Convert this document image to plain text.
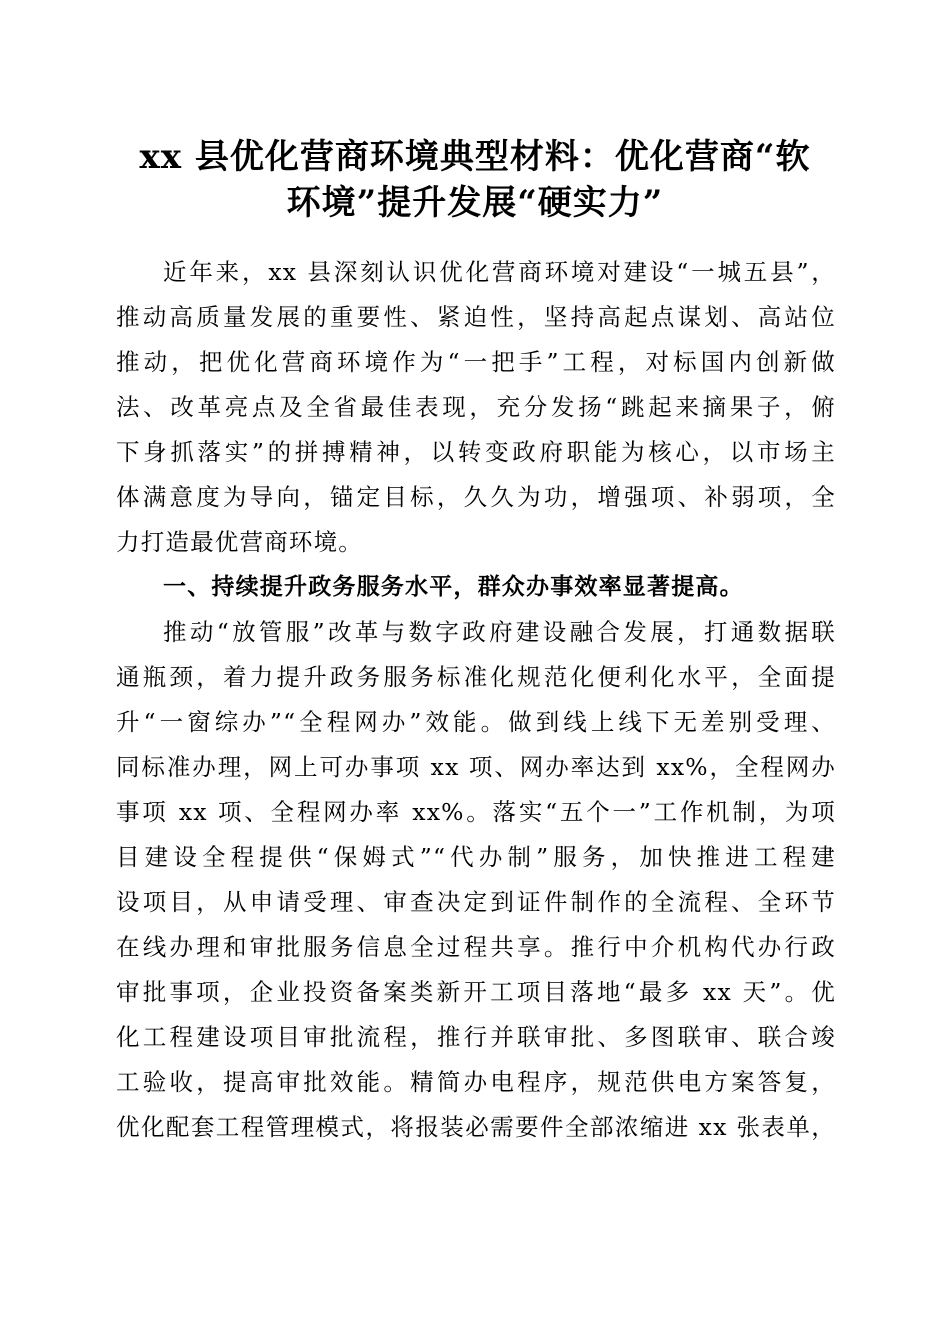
xx 县优化营商环境典型材料：优化营商“软
环境”提升发展“硬实力”
近年来，xx 县深刻认识优化营商环境对建设“一城五县”，
推动高质量发展的重要性、紧迫性，坚持高起点谋划、高站位
推动，把优化营商环境作为“一把手”工程，对标国内创新做
法、改革亮点及全省最佳表现，充分发扬“跳起来摘果子，俯
下身抓落实”的拼搏精神，以转变政府职能为核心，以市场主
体满意度为导向，锚定目标，久久为功，增强项、补弱项，全
力打造最优营商环境。
一、持续提升政务服务水平，群众办事效率显著提高。
推动“放管服”改革与数字政府建设融合发展，打通数据联
通瓶颈，着力提升政务服务标准化规范化便利化水平，全面提
升“一窗综办”“全程网办”效能。做到线上线下无差别受理、
同标准办理，网上可办事项 xx 项、网办率达到 xx%，全程网办
事项 xx 项、全程网办率 xx%。落实“五个一”工作机制，为项
目建设全程提供“保姆式”“代办制”服务，加快推进工程建
设项目，从申请受理、审查决定到证件制作的全流程、全环节
在线办理和审批服务信息全过程共享。推行中介机构代办行政
审批事项，企业投资备案类新开工项目落地“最多 xx 天”。优
化工程建设项目审批流程，推行并联审批、多图联审、联合竣
工验收，提高审批效能。精简办电程序，规范供电方案答复，
优化配套工程管理模式，将报装必需要件全部浓缩进 xx 张表单，
